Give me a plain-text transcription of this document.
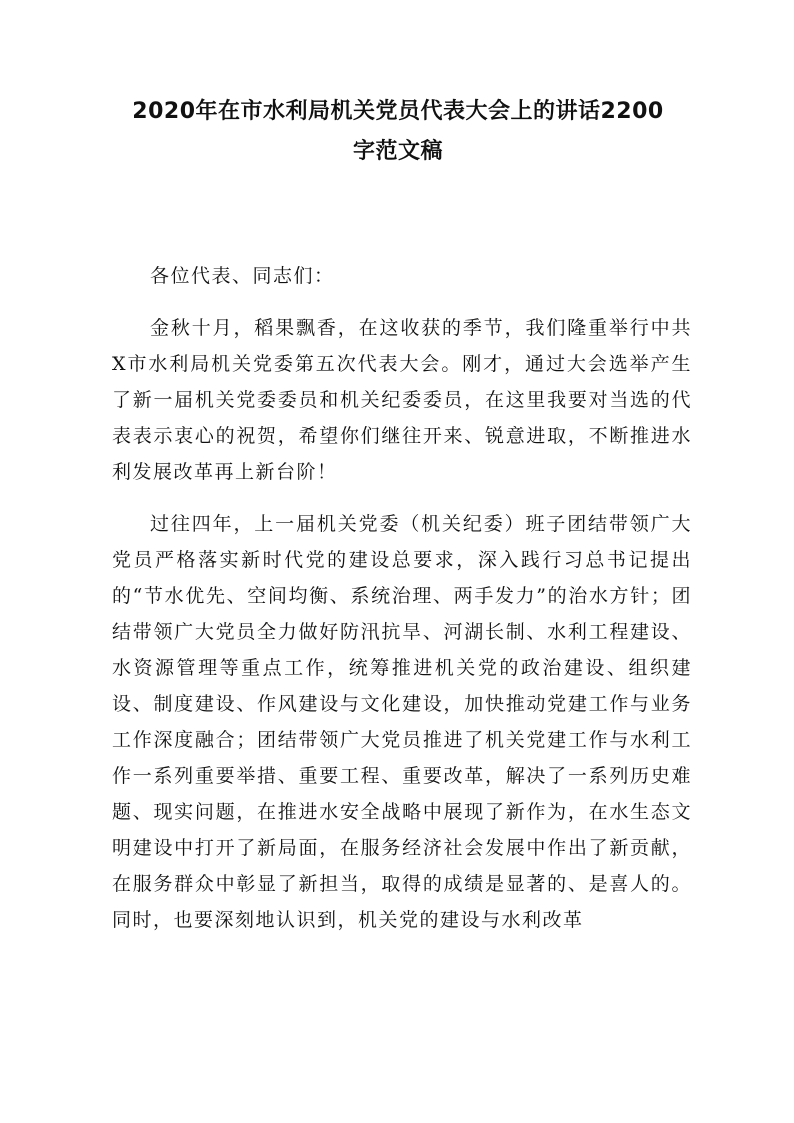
2020年在市水利局机关党员代表大会上的讲话2200
字范文稿

各位代表、同志们：

金秋十月，稻果飘香，在这收获的季节，我们隆重举行中共X市水利局机关党委第五次代表大会。刚才，通过大会选举产生了新一届机关党委委员和机关纪委委员，在这里我要对当选的代表表示衷心的祝贺，希望你们继往开来、锐意进取，不断推进水利发展改革再上新台阶！

过往四年，上一届机关党委（机关纪委）班子团结带领广大党员严格落实新时代党的建设总要求，深入践行习总书记提出的“节水优先、空间均衡、系统治理、两手发力”的治水方针；团结带领广大党员全力做好防汛抗旱、河湖长制、水利工程建设、水资源管理等重点工作，统筹推进机关党的政治建设、组织建设、制度建设、作风建设与文化建设，加快推动党建工作与业务工作深度融合；团结带领广大党员推进了机关党建工作与水利工作一系列重要举措、重要工程、重要改革，解决了一系列历史难题、现实问题，在推进水安全战略中展现了新作为，在水生态文明建设中打开了新局面，在服务经济社会发展中作出了新贡献，在服务群众中彰显了新担当，取得的成绩是显著的、是喜人的。同时，也要深刻地认识到，机关党的建设与水利改革
